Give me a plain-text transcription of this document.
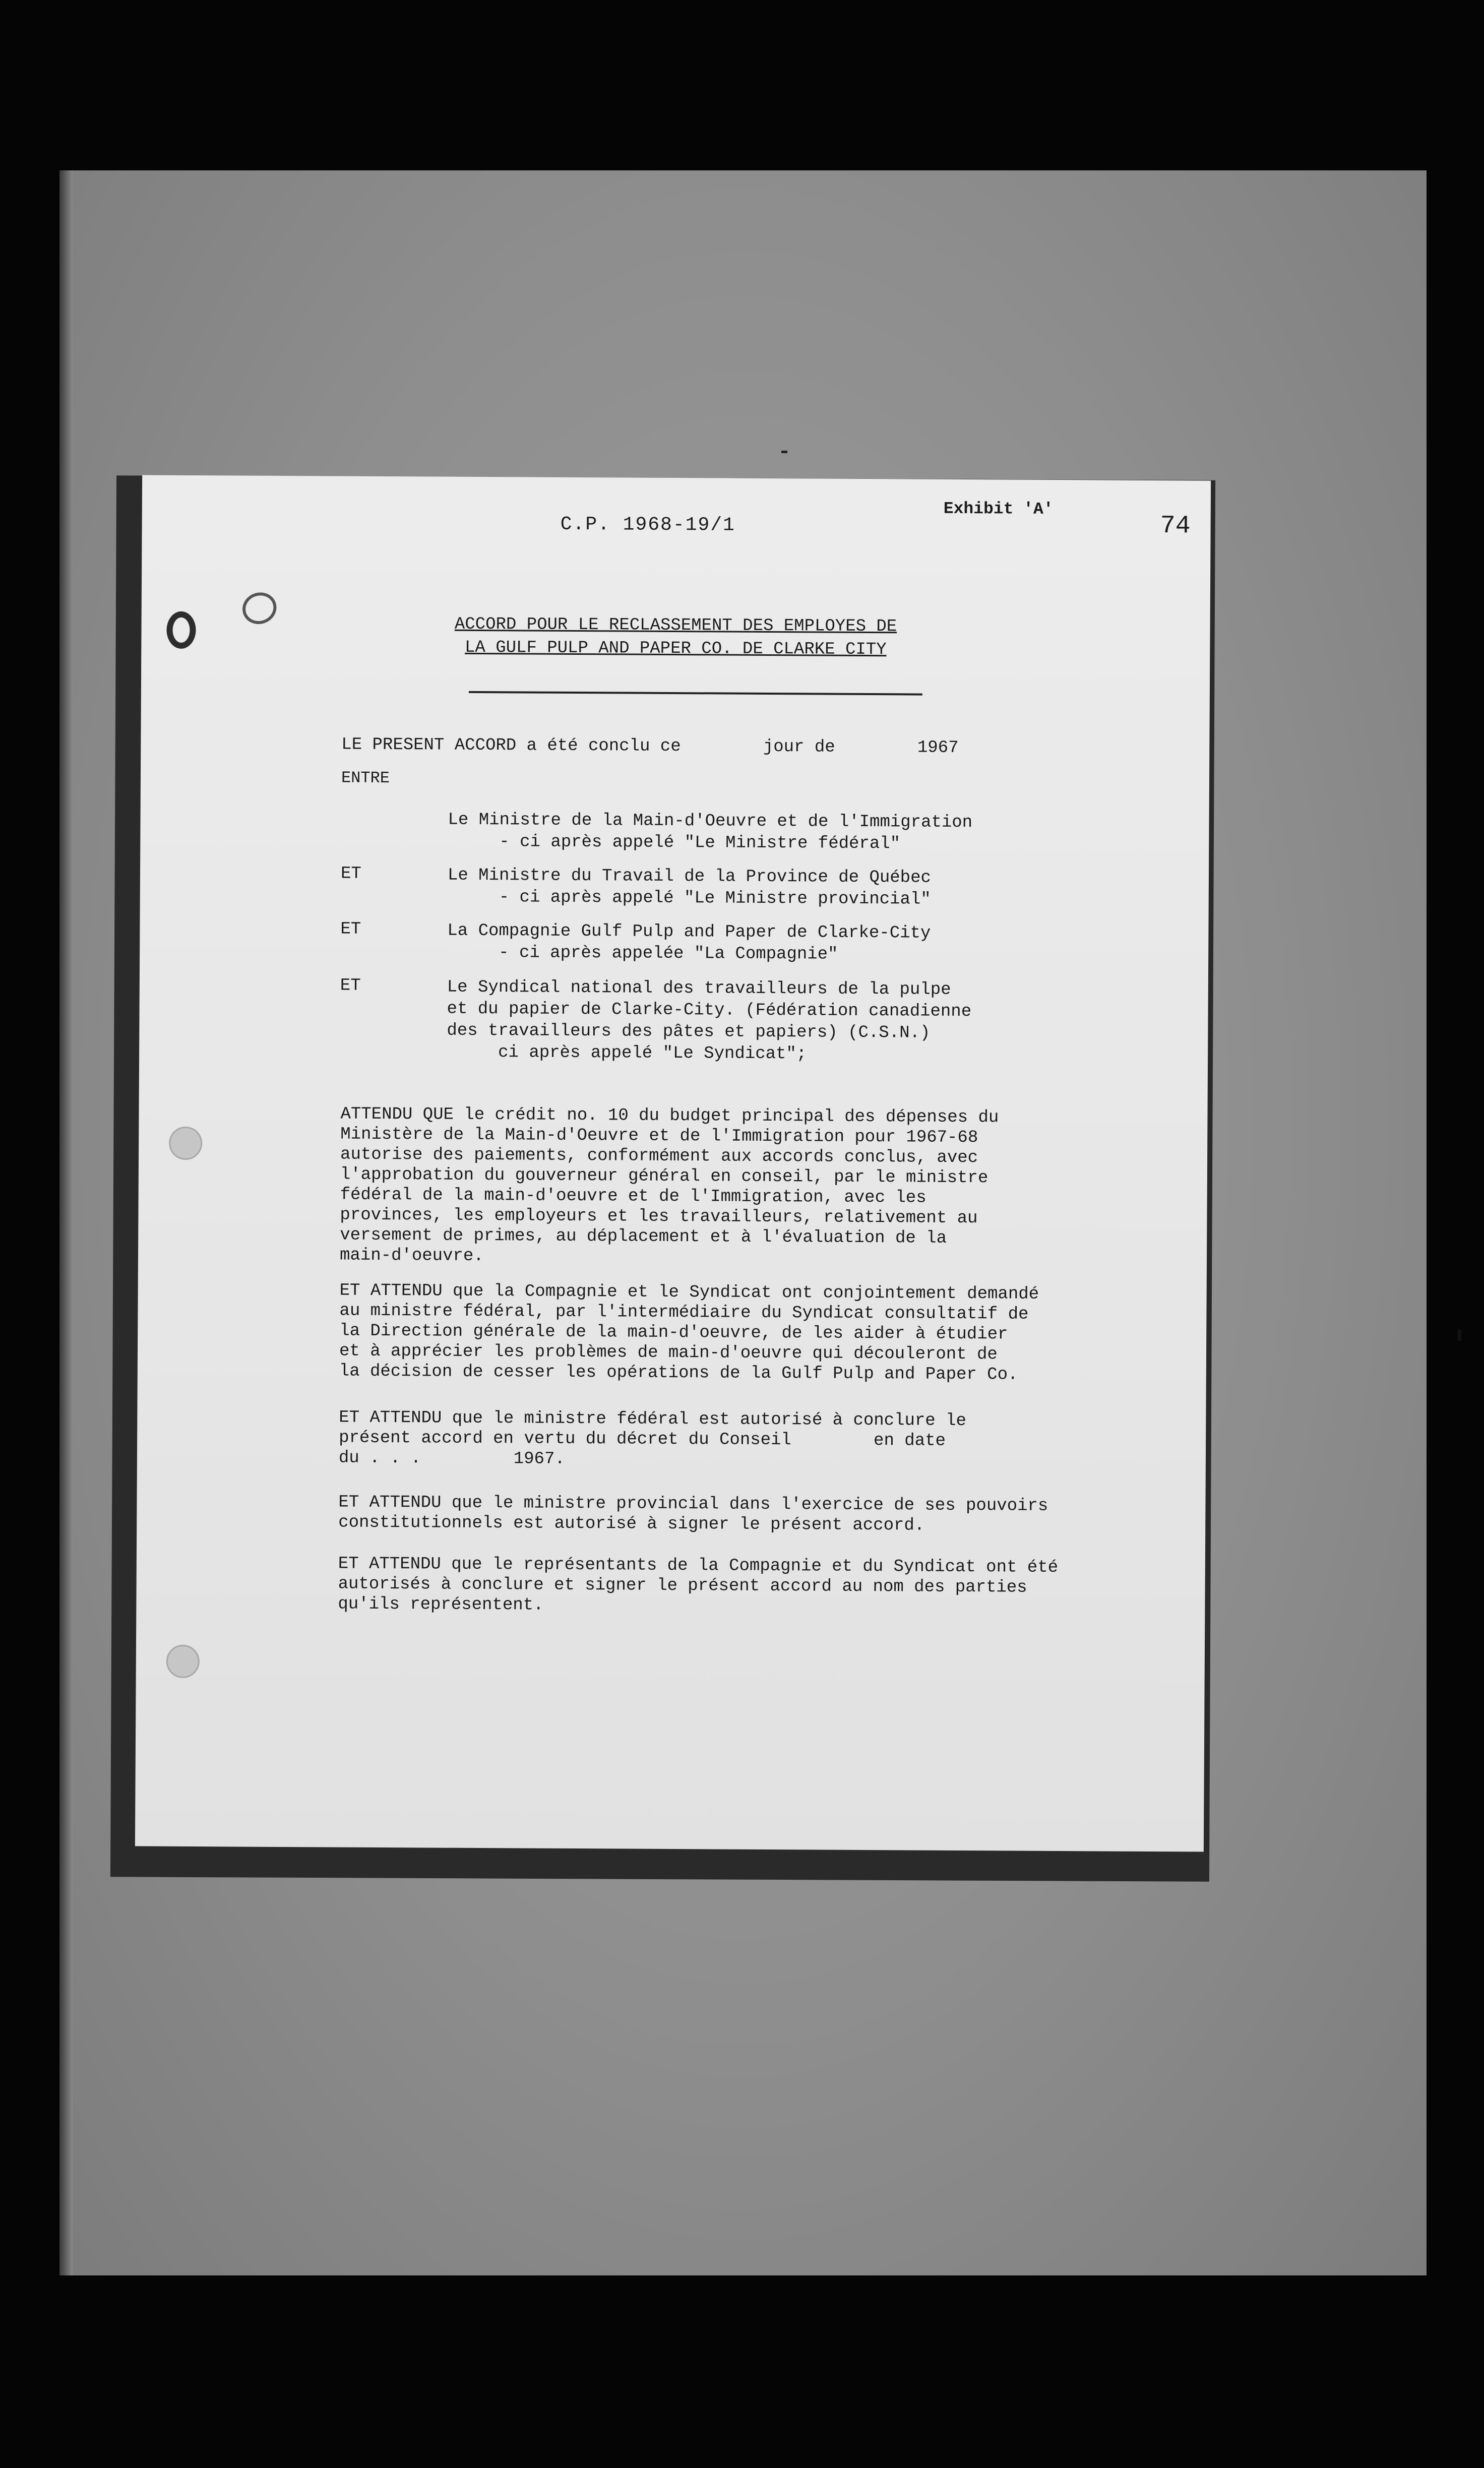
C.P. 1968-19/1
Exhibit 'A'
74
ACCORD POUR LE RECLASSEMENT DES EMPLOYES DE
LA GULF PULP AND PAPER CO. DE CLARKE CITY
LE PRESENT ACCORD a été conclu ce        jour de        1967
ENTRE
Le Ministre de la Main-d'Oeuvre et de l'Immigration
- ci après appelé "Le Ministre fédéral"
ET	Le Ministre du Travail de la Province de Québec
- ci après appelé "Le Ministre provincial"
ET	La Compagnie Gulf Pulp and Paper de Clarke-City
- ci après appelée "La Compagnie"
ET	Le Syndical national des travailleurs de la pulpe
et du papier de Clarke-City. (Fédération canadienne
des travailleurs des pâtes et papiers) (C.S.N.)
ci après appelé "Le Syndicat";
ATTENDU QUE le crédit no. 10 du budget principal des dépenses du
Ministère de la Main-d'Oeuvre et de l'Immigration pour 1967-68
autorise des paiements, conformément aux accords conclus, avec
l'approbation du gouverneur général en conseil, par le ministre
fédéral de la main-d'oeuvre et de l'Immigration, avec les
provinces, les employeurs et les travailleurs, relativement au
versement de primes, au déplacement et à l'évaluation de la
main-d'oeuvre.
ET ATTENDU que la Compagnie et le Syndicat ont conjointement demandé
au ministre fédéral, par l'intermédiaire du Syndicat consultatif de
la Direction générale de la main-d'oeuvre, de les aider à étudier
et à apprécier les problèmes de main-d'oeuvre qui découleront de
la décision de cesser les opérations de la Gulf Pulp and Paper Co.
ET ATTENDU que le ministre fédéral est autorisé à conclure le
présent accord en vertu du décret du Conseil        en date
du . . .         1967.
ET ATTENDU que le ministre provincial dans l'exercice de ses pouvoirs
constitutionnels est autorisé à signer le présent accord.
ET ATTENDU que le représentants de la Compagnie et du Syndicat ont été
autorisés à conclure et signer le présent accord au nom des parties
qu'ils représentent.
